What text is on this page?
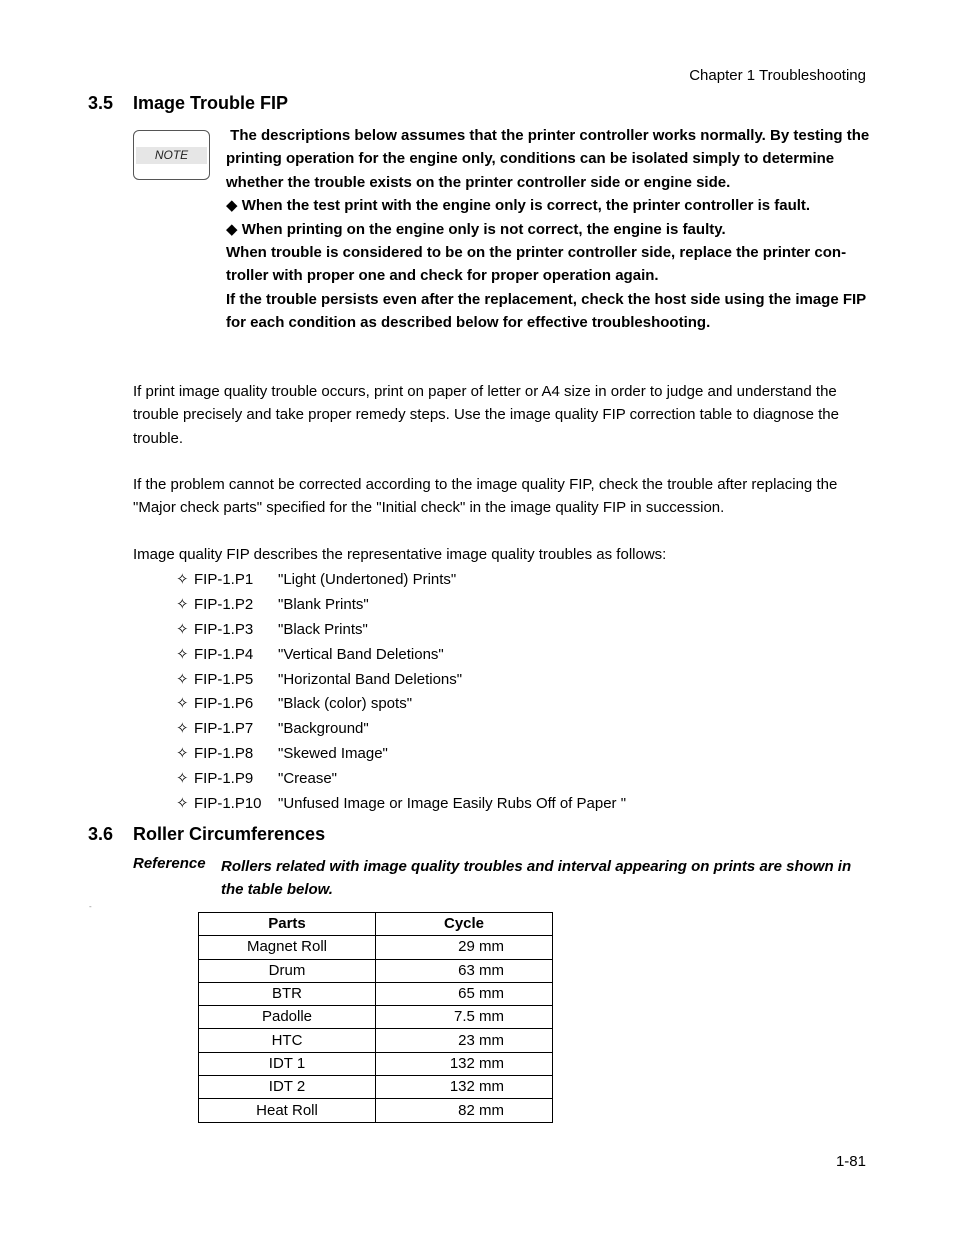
Chapter 1 Troubleshooting
3.5 Image Trouble FIP
NOTE

The descriptions below assumes that the printer controller works normally. By testing the printing operation for the engine only, conditions can be isolated simply to determine whether the trouble exists on the printer controller side or engine side.

◆ When the test print with the engine only is correct, the printer controller is fault.

◆ When printing on the engine only is not correct, the engine is faulty.

When trouble is considered to be on the printer controller side, replace the printer con-troller with proper one and check for proper operation again.

If the trouble persists even after the replacement, check the host side using the image FIP for each condition as described below for effective troubleshooting.

If print image quality trouble occurs, print on paper of letter or A4 size in order to judge and understand the trouble precisely and take proper remedy steps. Use the image quality FIP correction table to diagnose the trouble.
If the problem cannot be corrected according to the image quality FIP, check the trouble after replacing the "Major check parts" specified for the "Initial check" in the image quality FIP in succession.
Image quality FIP describes the representative image quality troubles as follows:
✧ FIP-1.P1 "Light (Undertoned) Prints"
✧ FIP-1.P2 "Blank Prints"
✧ FIP-1.P3 "Black Prints"
✧ FIP-1.P4 "Vertical Band Deletions"
✧ FIP-1.P5 "Horizontal Band Deletions"
✧ FIP-1.P6 "Black (color) spots"
✧ FIP-1.P7 "Background"
✧ FIP-1.P8 "Skewed Image"
✧ FIP-1.P9 "Crease"
✧ FIP-1.P10 "Unfused Image or Image Easily Rubs Off of Paper "
3.6 Roller Circumferences
Reference Rollers related with image quality troubles and interval appearing on prints are shown in the table below.
-
Parts	Cycle
Magnet Roll	29 mm
Drum	63 mm
BTR	65 mm
Padolle	7.5 mm
HTC	23 mm
IDT 1	132 mm
IDT 2	132 mm
Heat Roll	82 mm
1-81
